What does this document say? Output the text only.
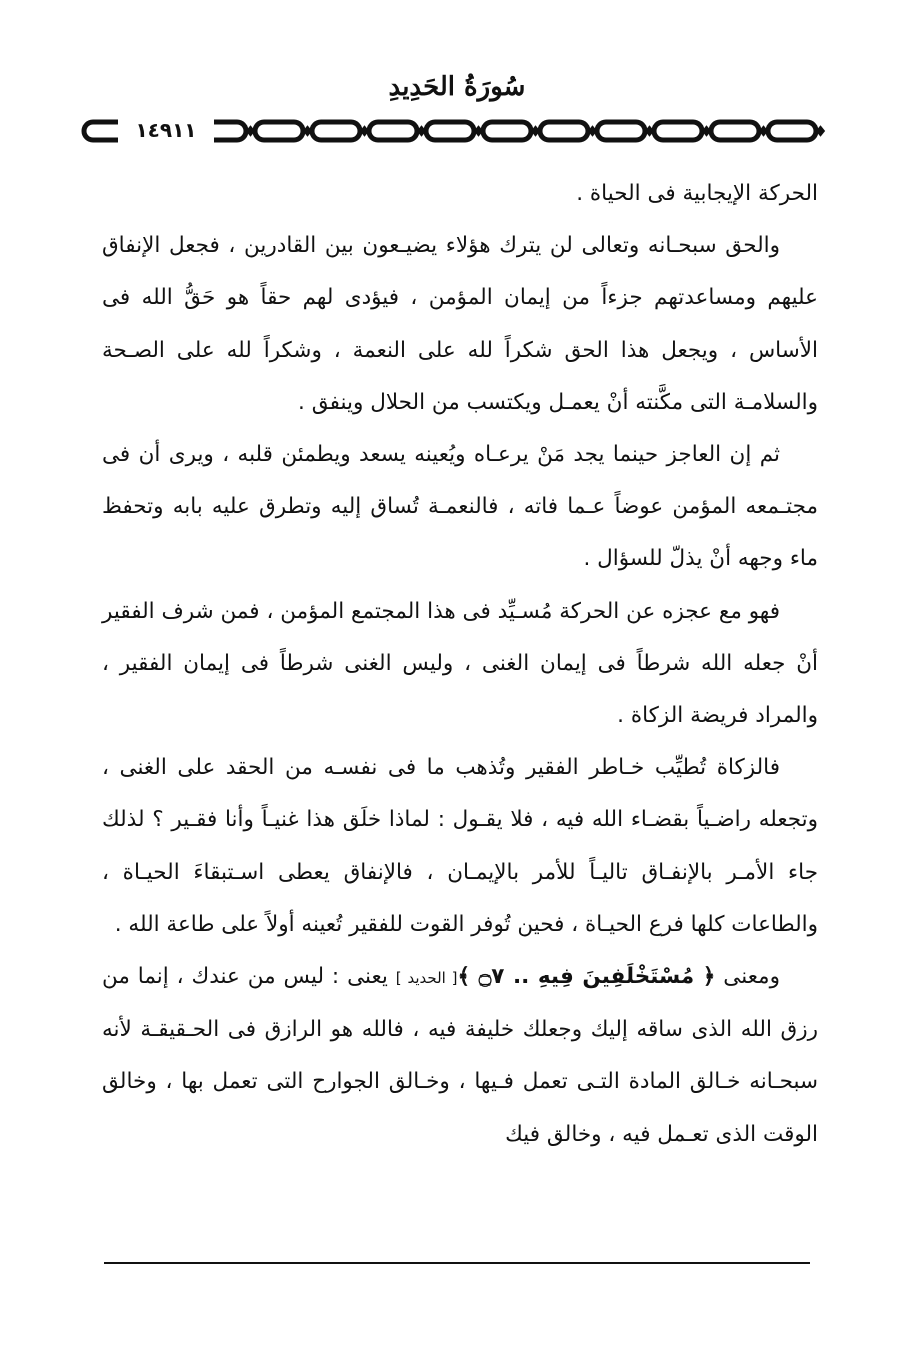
سُورَةُ الحَدِيدِ
١٤٩١١

الحركة الإيجابية فى الحياة .

والحق سبحـانه وتعالى لن يترك هؤلاء يضيـعون بين القادرين ، فجعل الإنفاق عليهم ومساعدتهم جزءاً من إيمان المؤمن ، فيؤدى لهم حقاً هو حَقُّ الله فى الأساس ، ويجعل هذا الحق شكراً لله على النعمة ، وشكراً لله على الصـحة والسلامـة التى مكَّنته أنْ يعمـل ويكتسب من الحلال وينفق .

ثم إن العاجز حينما يجد مَنْ يرعـاه ويُعينه يسعد ويطمئن قلبه ، ويرى أن فى مجتـمعه المؤمن عوضاً عـما فاته ، فالنعمـة تُساق إليه وتطرق عليه بابه وتحفظ ماء وجهه أنْ يذلّ للسؤال .

فهو مع عجزه عن الحركة مُسـيِّد فى هذا المجتمع المؤمن ، فمن شرف الفقير أنْ جعله الله شرطاً فى إيمان الغنى ، وليس الغنى شرطاً فى إيمان الفقير ، والمراد فريضة الزكاة .

فالزكاة تُطيِّب خـاطر الفقير وتُذهب ما فى نفسـه من الحقد على الغنى ، وتجعله راضـياً بقضـاء الله فيه ، فلا يقـول : لماذا خلَق هذا غنيـاً وأنا فقـير ؟ لذلك جاء الأمـر بالإنفـاق تاليـاً للأمر بالإيمـان ، فالإنفاق يعطى اسـتبقاءَ الحيـاة ، والطاعات كلها فرع الحيـاة ، فحين تُوفر القوت للفقير تُعينه أولاً على طاعة الله .

ومعنى ﴿ مُسْتَخْلَفِينَ فِيهِ .. ۝٧ ﴾[ الحديد ] يعنى : ليس من عندك ، إنما من رزق الله الذى ساقه إليك وجعلك خليفة فيه ، فالله هو الرازق فى الحـقيقـة لأنه سبحـانه خـالق المادة التـى تعمل فـيها ، وخـالق الجوارح التى تعمل بها ، وخالق الوقت الذى تعـمل فيه ، وخالق فيك
